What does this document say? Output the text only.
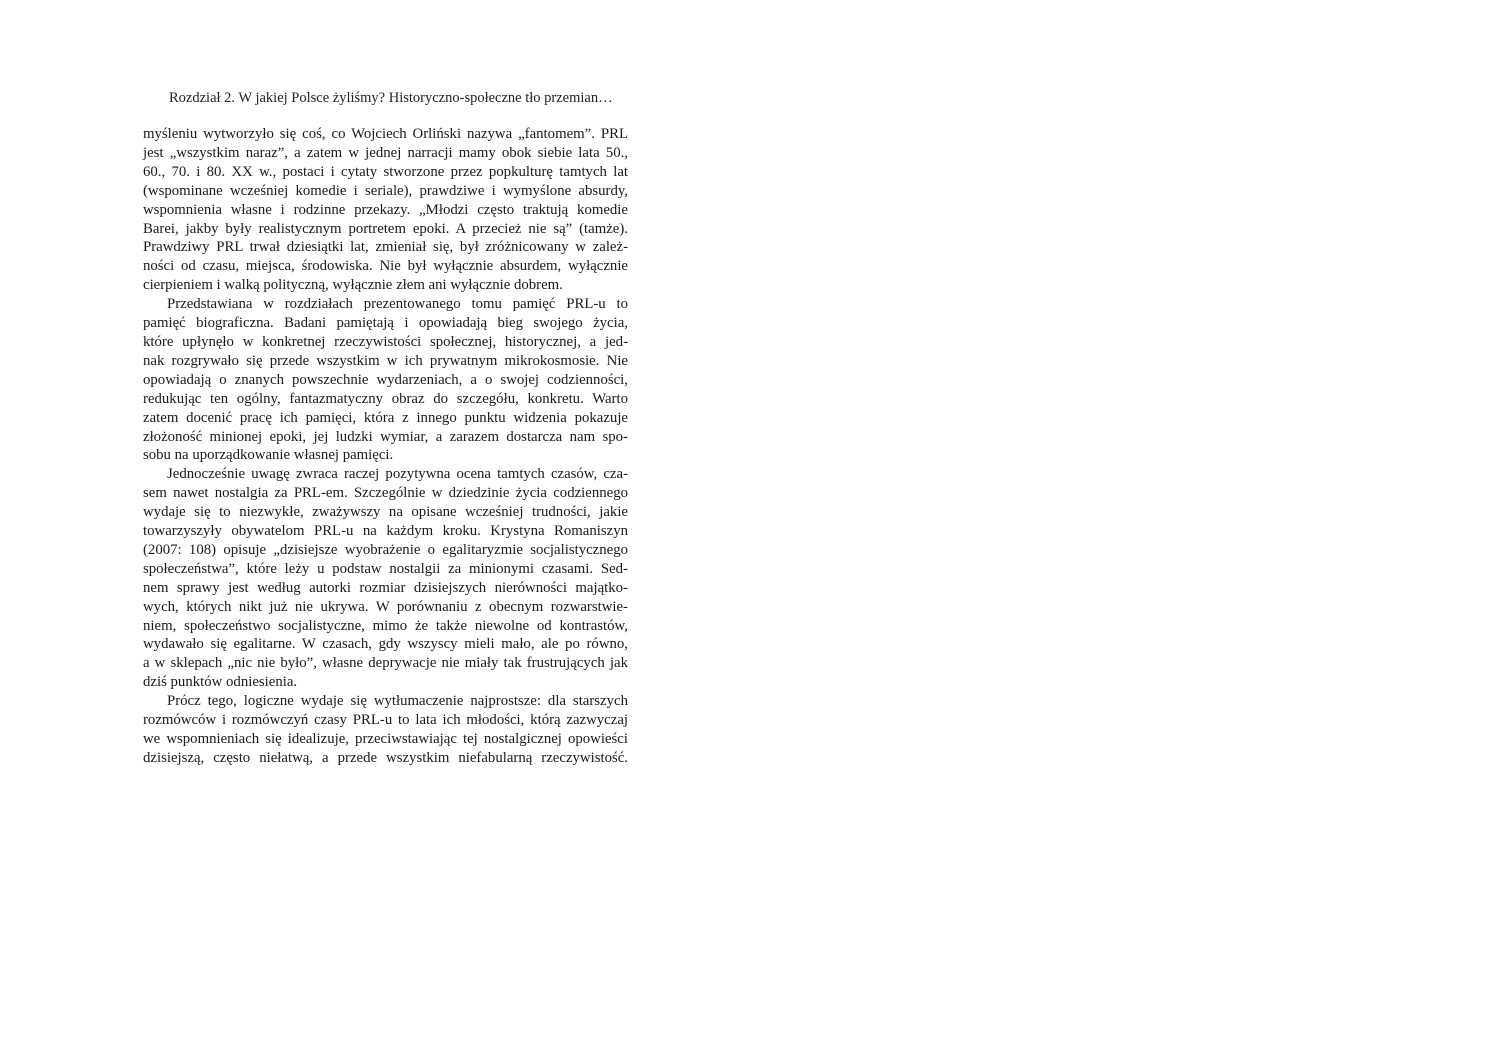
Rozdział 2. W jakiej Polsce żyliśmy? Historyczno-społeczne tło przemian…
myśleniu wytworzyło się coś, co Wojciech Orliński nazywa „fantomem”. PRL
jest „wszystkim naraz”, a zatem w jednej narracji mamy obok siebie lata 50.,
60., 70. i 80. XX w., postaci i cytaty stworzone przez popkulturę tamtych lat
(wspominane wcześniej komedie i seriale), prawdziwe i wymyślone absurdy,
wspomnienia własne i rodzinne przekazy. „Młodzi często traktują komedie
Barei, jakby były realistycznym portretem epoki. A przecież nie są” (tamże).
Prawdziwy PRL trwał dziesiątki lat, zmieniał się, był zróżnicowany w zależ-
ności od czasu, miejsca, środowiska. Nie był wyłącznie absurdem, wyłącznie
cierpieniem i walką polityczną, wyłącznie złem ani wyłącznie dobrem.
Przedstawiana w rozdziałach prezentowanego tomu pamięć PRL-u to
pamięć biograficzna. Badani pamiętają i opowiadają bieg swojego życia,
które upłynęło w konkretnej rzeczywistości społecznej, historycznej, a jed-
nak rozgrywało się przede wszystkim w ich prywatnym mikrokosmosie. Nie
opowiadają o znanych powszechnie wydarzeniach, a o swojej codzienności,
redukując ten ogólny, fantazmatyczny obraz do szczegółu, konkretu. Warto
zatem docenić pracę ich pamięci, która z innego punktu widzenia pokazuje
złożoność minionej epoki, jej ludzki wymiar, a zarazem dostarcza nam spo-
sobu na uporządkowanie własnej pamięci.
Jednocześnie uwagę zwraca raczej pozytywna ocena tamtych czasów, cza-
sem nawet nostalgia za PRL-em. Szczególnie w dziedzinie życia codziennego
wydaje się to niezwykłe, zważywszy na opisane wcześniej trudności, jakie
towarzyszyły obywatelom PRL-u na każdym kroku. Krystyna Romaniszyn
(2007: 108) opisuje „dzisiejsze wyobrażenie o egalitaryzmie socjalistycznego
społeczeństwa”, które leży u podstaw nostalgii za minionymi czasami. Sed-
nem sprawy jest według autorki rozmiar dzisiejszych nierówności majątko-
wych, których nikt już nie ukrywa. W porównaniu z obecnym rozwarstwie-
niem, społeczeństwo socjalistyczne, mimo że także niewolne od kontrastów,
wydawało się egalitarne. W czasach, gdy wszyscy mieli mało, ale po równo,
a w sklepach „nic nie było”, własne deprywacje nie miały tak frustrujących jak
dziś punktów odniesienia.
Prócz tego, logiczne wydaje się wytłumaczenie najprostsze: dla starszych
rozmówców i rozmówczyń czasy PRL-u to lata ich młodości, którą zazwyczaj
we wspomnieniach się idealizuje, przeciwstawiając tej nostalgicznej opowieści
dzisiejszą, często niełatwą, a przede wszystkim niefabularną rzeczywistość.
